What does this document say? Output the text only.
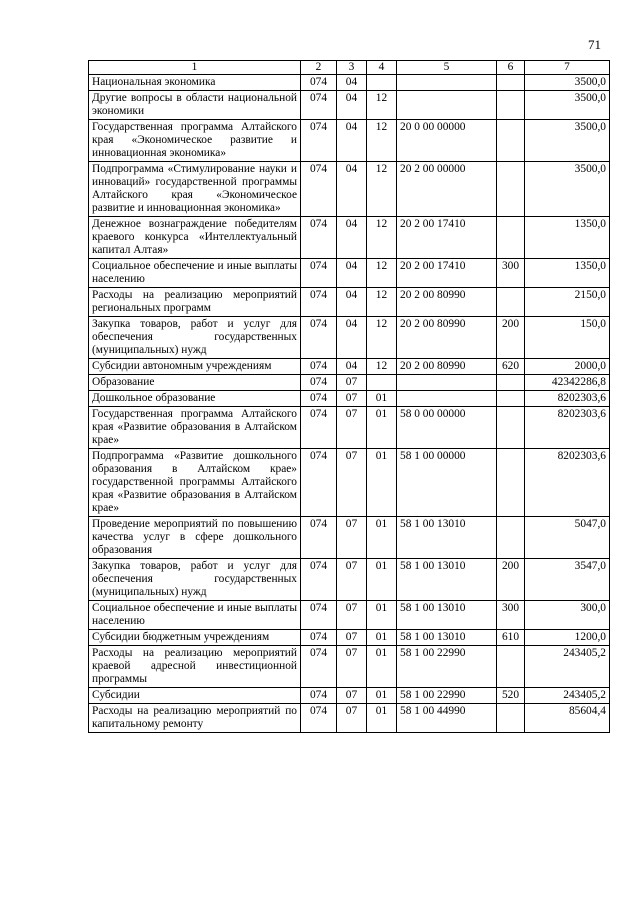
71
1	2	3	4	5	6	7
Национальная экономика	074	04				3500,0
Другие вопросы в области национальной экономики	074	04	12			3500,0
Государственная программа Алтайского края «Экономическое развитие и инновационная экономика»	074	04	12	20 0 00 00000		3500,0
Подпрограмма «Стимулирование науки и инноваций» государственной программы Алтайского края «Экономическое развитие и инновационная экономика»	074	04	12	20 2 00 00000		3500,0
Денежное вознаграждение победителям краевого конкурса «Интеллектуальный капитал Алтая»	074	04	12	20 2 00 17410		1350,0
Социальное обеспечение и иные выплаты населению	074	04	12	20 2 00 17410	300	1350,0
Расходы на реализацию мероприятий региональных программ	074	04	12	20 2 00 80990		2150,0
Закупка товаров, работ и услуг для обеспечения государственных (муниципальных) нужд	074	04	12	20 2 00 80990	200	150,0
Субсидии автономным учреждениям	074	04	12	20 2 00 80990	620	2000,0
Образование	074	07				42342286,8
Дошкольное образование	074	07	01			8202303,6
Государственная программа Алтайского края «Развитие образования в Алтайском крае»	074	07	01	58 0 00 00000		8202303,6
Подпрограмма «Развитие дошкольного образования в Алтайском крае» государственной программы Алтайского края «Развитие образования в Алтайском крае»	074	07	01	58 1 00 00000		8202303,6
Проведение мероприятий по повышению качества услуг в сфере дошкольного образования	074	07	01	58 1 00 13010		5047,0
Закупка товаров, работ и услуг для обеспечения государственных (муниципальных) нужд	074	07	01	58 1 00 13010	200	3547,0
Социальное обеспечение и иные выплаты населению	074	07	01	58 1 00 13010	300	300,0
Субсидии бюджетным учреждениям	074	07	01	58 1 00 13010	610	1200,0
Расходы на реализацию мероприятий краевой адресной инвестиционной программы	074	07	01	58 1 00 22990		243405,2
Субсидии	074	07	01	58 1 00 22990	520	243405,2
Расходы на реализацию мероприятий по капитальному ремонту	074	07	01	58 1 00 44990		85604,4
